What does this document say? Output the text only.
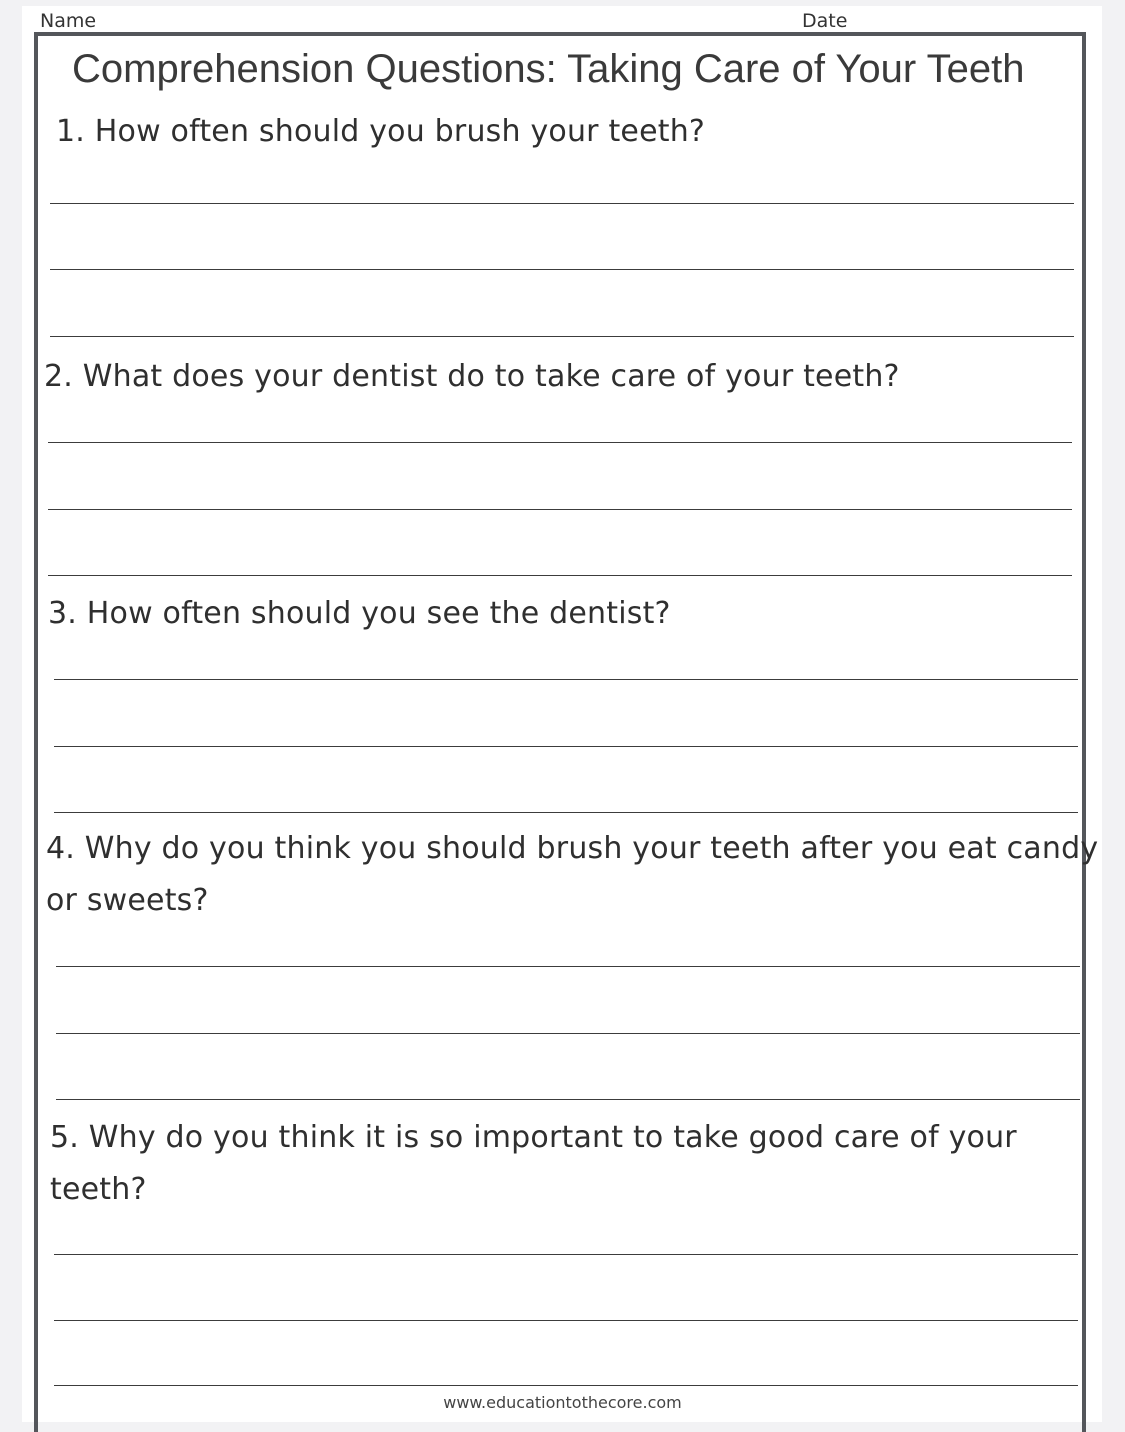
Name	Date
Comprehension Questions: Taking Care of Your Teeth
1. How often should you brush your teeth?
2. What does your dentist do to take care of your teeth?
3. How often should you see the dentist?
4. Why do you think you should brush your teeth after you eat candy
or sweets?
5. Why do you think it is so important to take good care of your
teeth?
www.educationtothecore.com
